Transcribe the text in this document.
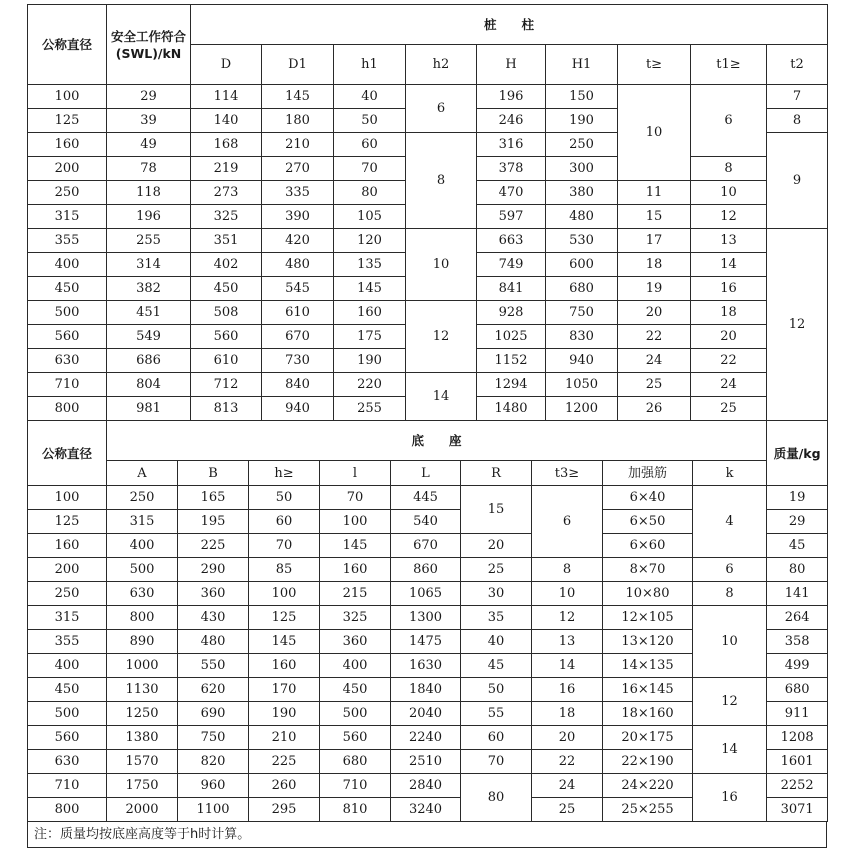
公称直径	安全工作符合(SWL)/kN	桩　　柱								
		D	D1	h1	h2	H	H1	t≥	t1≥	t2
100	29	114	145	40	6	196	150	10	6	7
125	39	140	180	50		246	190			8
160	49	168	210	60	8	316	250			9
200	78	219	270	70		378	300		8	
250	118	273	335	80		470	380	11	10	
315	196	325	390	105		597	480	15	12	
355	255	351	420	120	10	663	530	17	13	12
400	314	402	480	135		749	600	18	14	
450	382	450	545	145		841	680	19	16	
500	451	508	610	160	12	928	750	20	18	
560	549	560	670	175		1025	830	22	20	
630	686	610	730	190		1152	940	24	22	
710	804	712	840	220	14	1294	1050	25	24	
800	981	813	940	255		1480	1200	26	25	
公称直径	底　　座									质量/kg
	A	B	h≥	l	L	R	t3≥	加强筋	k	
100	250	165	50	70	445	15	6	6×40	4	19
125	315	195	60	100	540			6×50		29
160	400	225	70	145	670	20		6×60		45
200	500	290	85	160	860	25	8	8×70	6	80
250	630	360	100	215	1065	30	10	10×80	8	141
315	800	430	125	325	1300	35	12	12×105	10	264
355	890	480	145	360	1475	40	13	13×120		358
400	1000	550	160	400	1630	45	14	14×135		499
450	1130	620	170	450	1840	50	16	16×145	12	680
500	1250	690	190	500	2040	55	18	18×160		911
560	1380	750	210	560	2240	60	20	20×175	14	1208
630	1570	820	225	680	2510	70	22	22×190		1601
710	1750	960	260	710	2840	80	24	24×220	16	2252
800	2000	1100	295	810	3240		25	25×255		3071
注：质量均按底座高度等于h时计算。
